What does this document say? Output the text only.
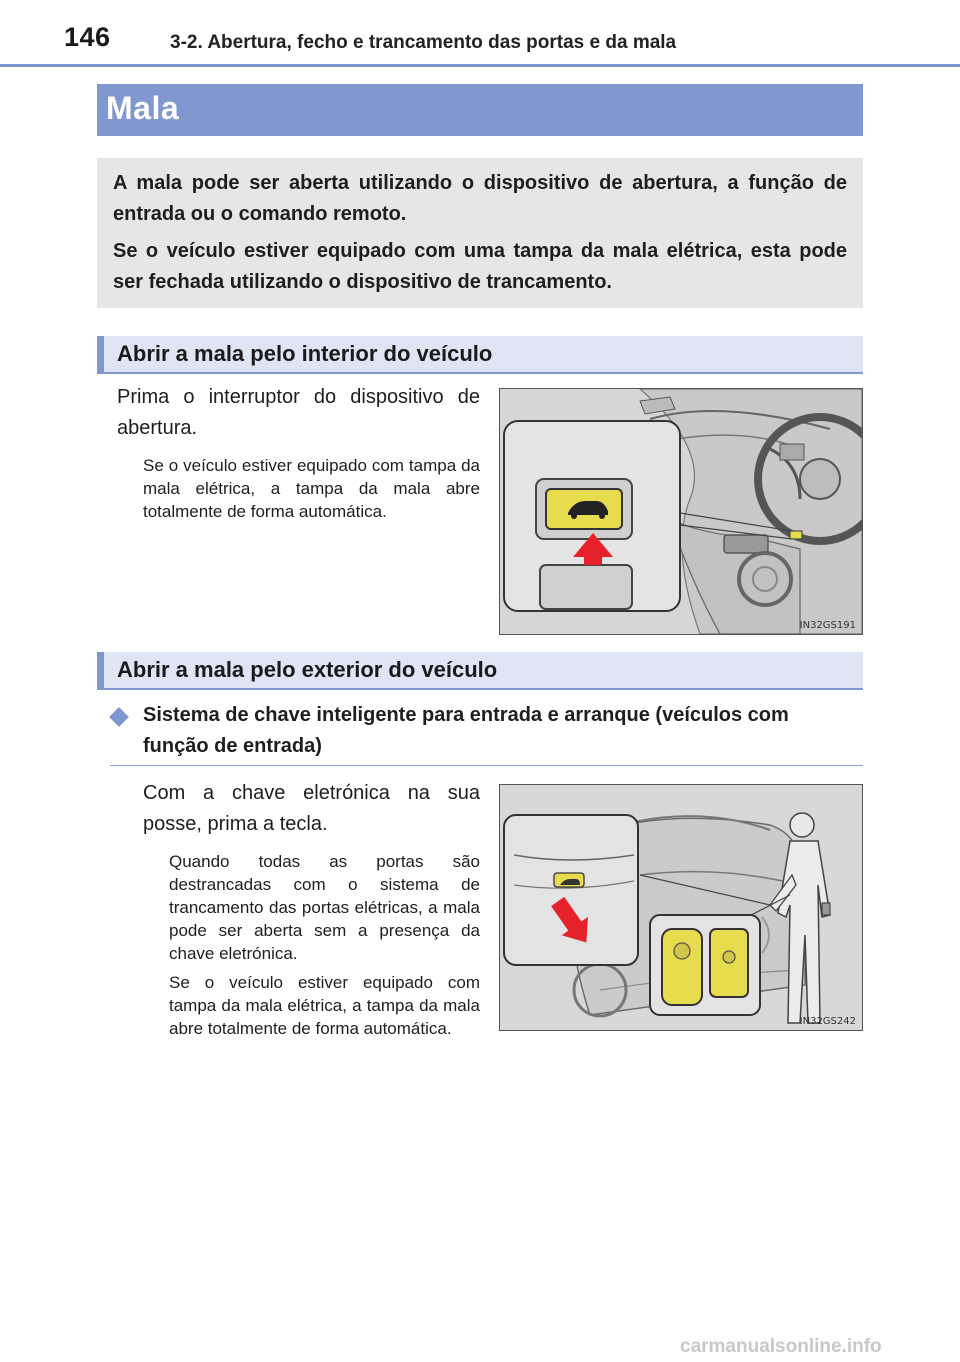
146	3-2. Abertura, fecho e trancamento das portas e da mala
Mala

A mala pode ser aberta utilizando o dispositivo de abertura, a função de entrada ou o comando remoto.

Se o veículo estiver equipado com uma tampa da mala elétrica, esta pode ser fechada utilizando o dispositivo de trancamento.

Abrir a mala pelo interior do veículo
Prima o interruptor do dispositivo de abertura.

Se o veículo estiver equipado com tampa da mala elétrica, a tampa da mala abre totalmente de forma automática.

IN32GS191
Abrir a mala pelo exterior do veículo
Sistema de chave inteligente para entrada e arranque (veículos com função de entrada)
Com a chave eletrónica na sua posse, prima a tecla.

Quando todas as portas são destrancadas com o sistema de trancamento das portas elétricas, a mala pode ser aberta sem a presença da chave eletrónica.

Se o veículo estiver equipado com tampa da mala elétrica, a tampa da mala abre totalmente de forma automática.	IN32GS242
carmanualsonline.info
